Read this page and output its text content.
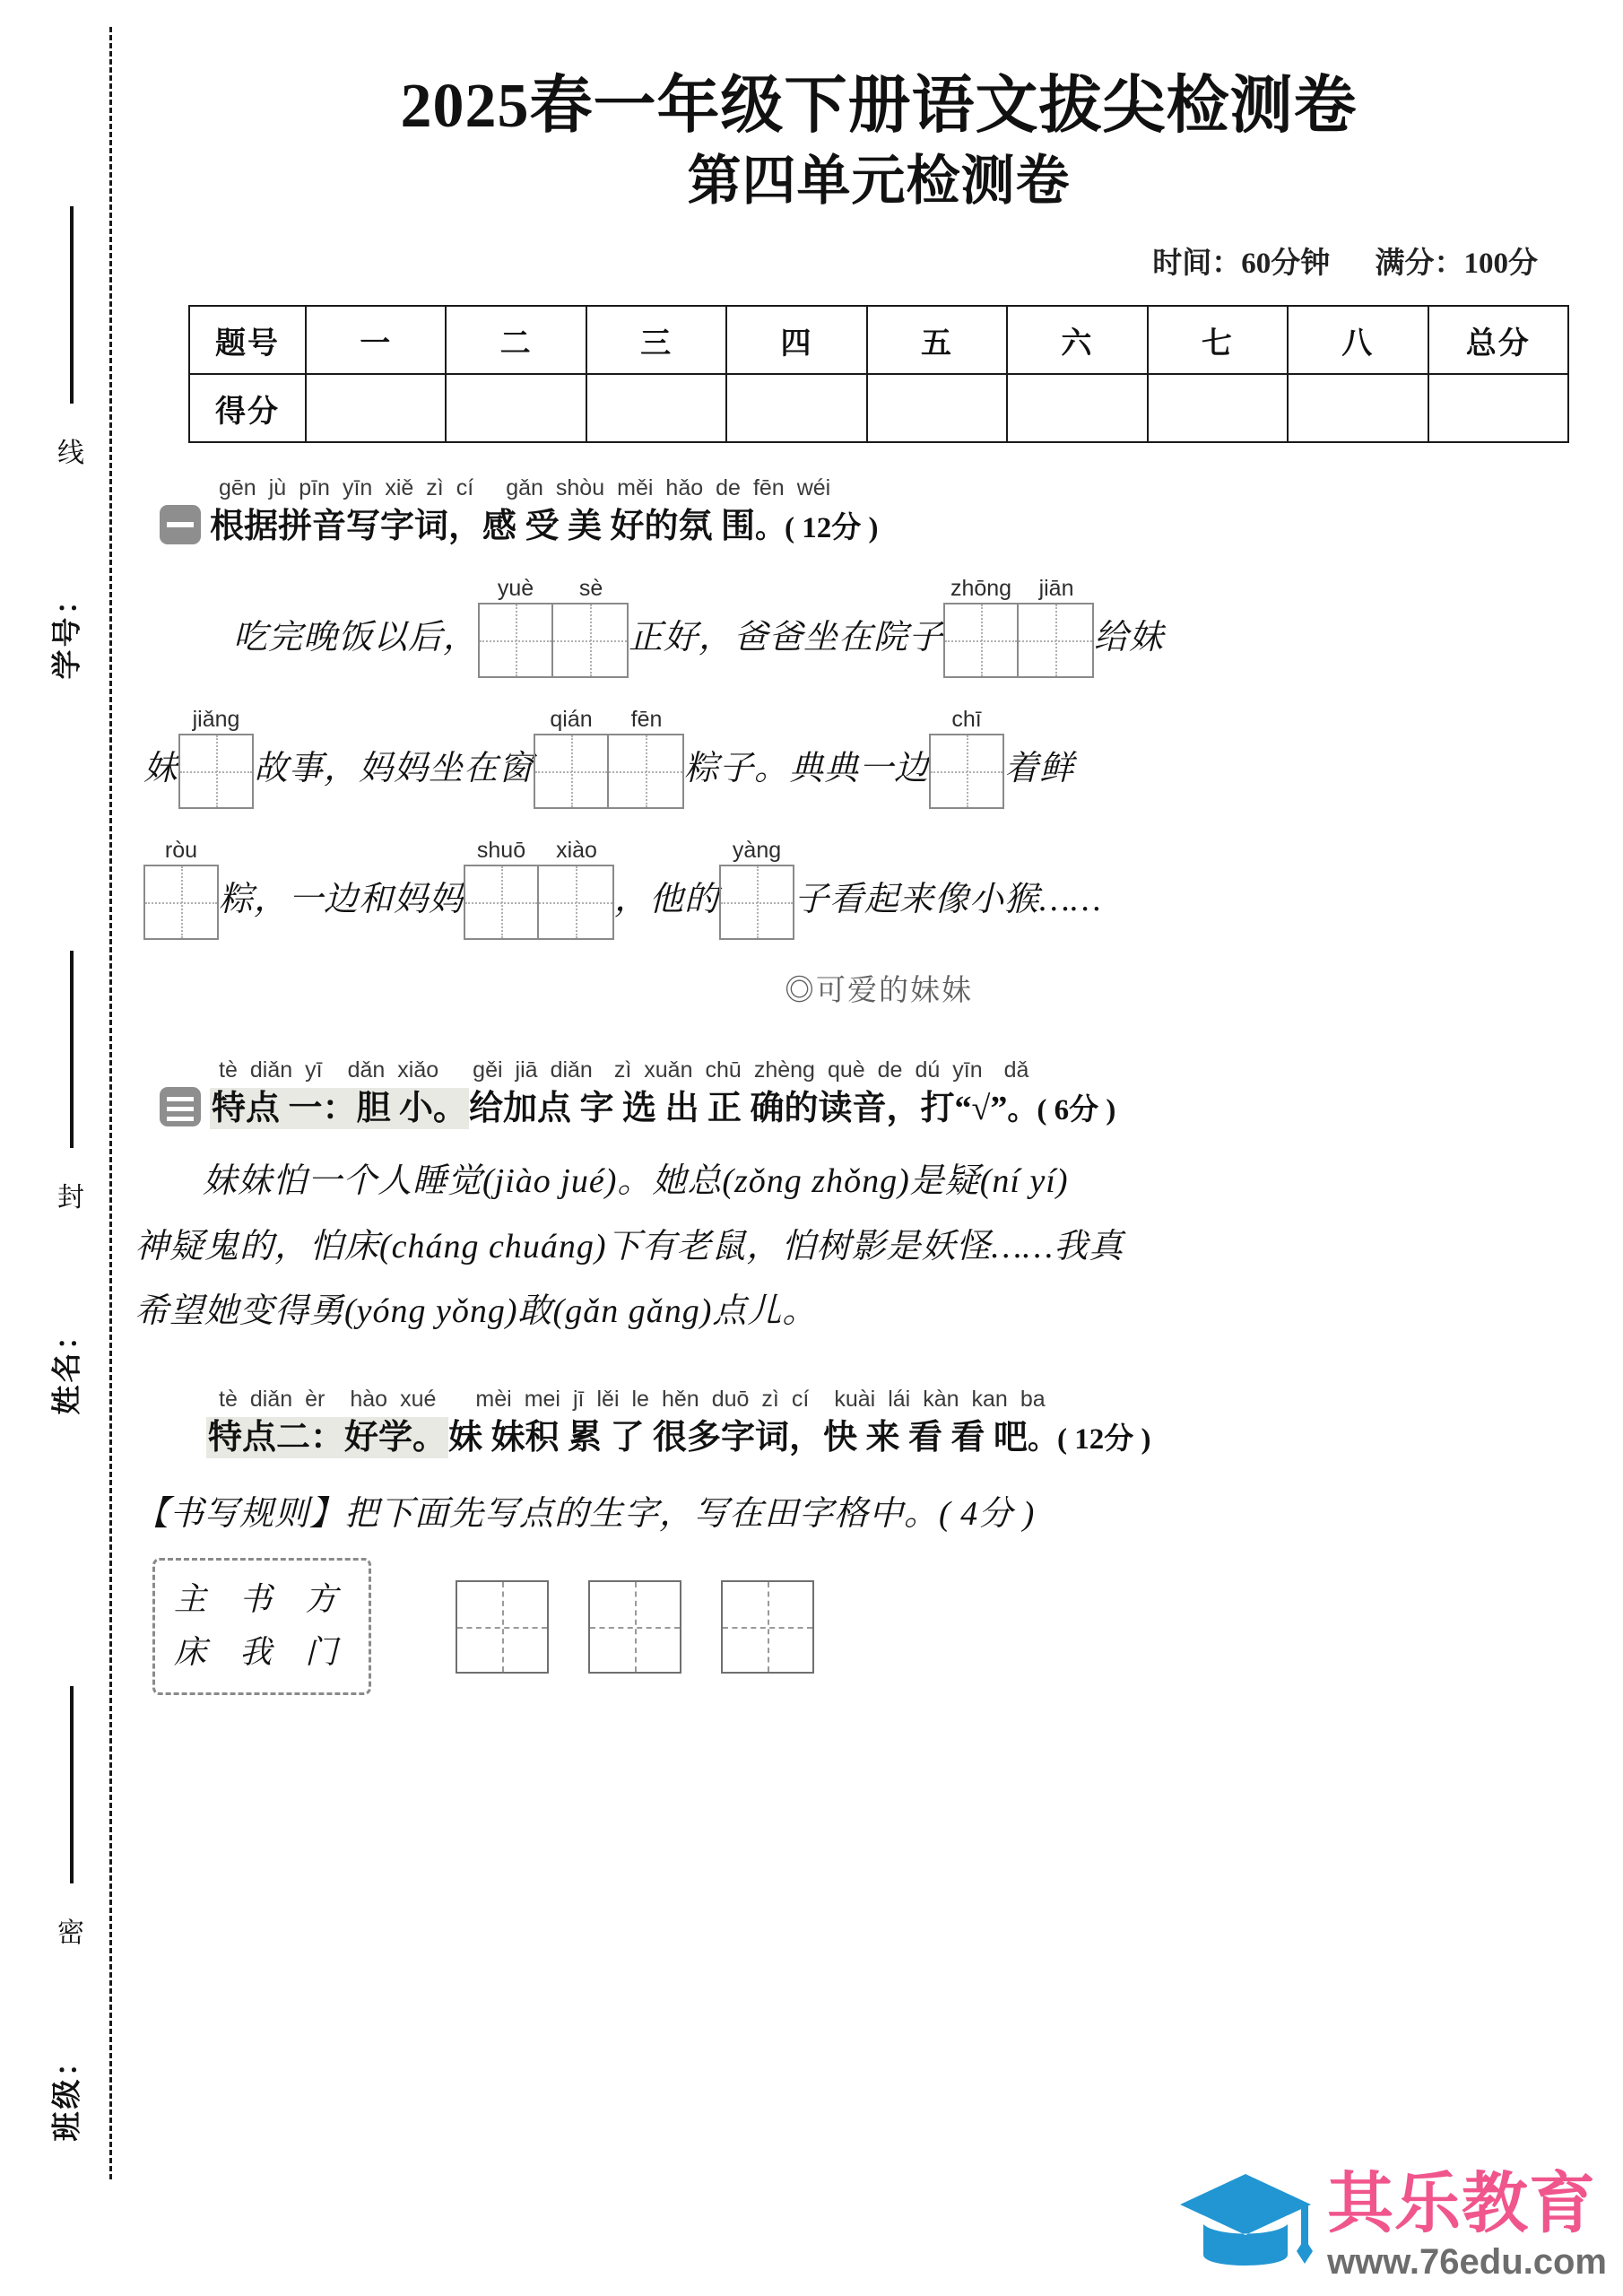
线
学号：
封
姓名：
密
班级：
2025春一年级下册语文拔尖检测卷
第四单元检测卷
时间：60分钟 满分：100分
题号	一	二	三	四	五	六	七	八	总分
得分									
gēn jù pīn yīn xiě zì cí gǎn shòu měi hǎo de fēn wéi
根据拼音写字词，感 受 美 好的氛 围。( 12分 )
吃完晚饭以后，
yuè	sè
正好，爸爸坐在院子
zhōng	jiān
给妹
妹
jiǎng
故事，妈妈坐在窗
qián	fēn
粽子。典典一边
chī
着鲜
ròu
粽，一边和妈妈
shuō	xiào
，他的
yàng
子看起来像小猴……
◎可爱的妹妹
tè diǎn yī dǎn xiǎo gěi jiā diǎn zì xuǎn chū zhèng què de dú yīn dǎ
特点 一：胆 小。给加点 字 选 出 正 确的读音，打“√”。( 6分 )
妹妹怕一个人睡觉(jiào jué)。她总(zǒng zhǒng)是疑(ní yí)
神疑鬼的，怕床(cháng chuáng)下有老鼠，怕树影是妖怪……我真
希望她变得勇(yóng yǒng)敢(gǎn gǎng)点儿。
tè diǎn èr hào xué mèi mei jī lěi le hěn duō zì cí kuài lái kàn kan ba
特点二：好学。妹 妹积 累 了 很多字词，快 来 看 看 吧。( 12分 )
【书写规则】把下面先写点的生字，写在田字格中。( 4分 )
主 书 方
床 我 门
其乐教育
www.76edu.com
